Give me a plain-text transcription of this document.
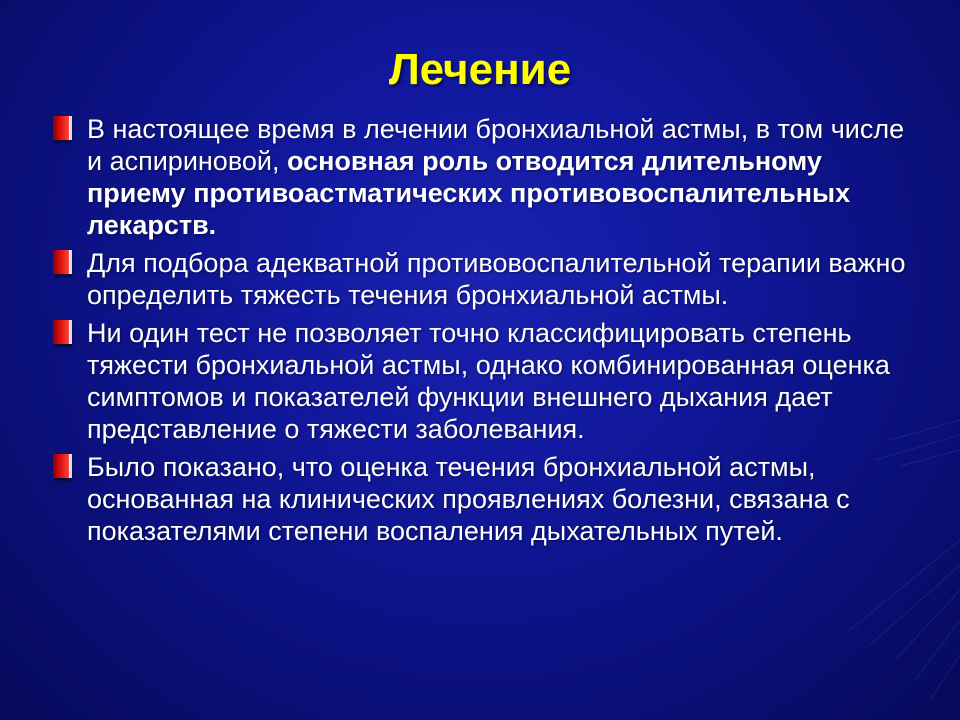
Лечение
В настоящее время в лечении бронхиальной астмы, в том числе и аспириновой, основная роль отводится длительному приему противоастматических противовоспалительных лекарств.
Для подбора адекватной противовоспалительной терапии важно определить тяжесть течения бронхиальной астмы.
Ни один тест не позволяет точно классифицировать степень тяжести бронхиальной астмы, однако комбинированная оценка симптомов и показателей функции внешнего дыхания дает представление о тяжести заболевания.
Было показано, что оценка течения бронхиальной астмы, основанная на клинических проявлениях болезни, связана с показателями степени воспаления дыхательных путей.
